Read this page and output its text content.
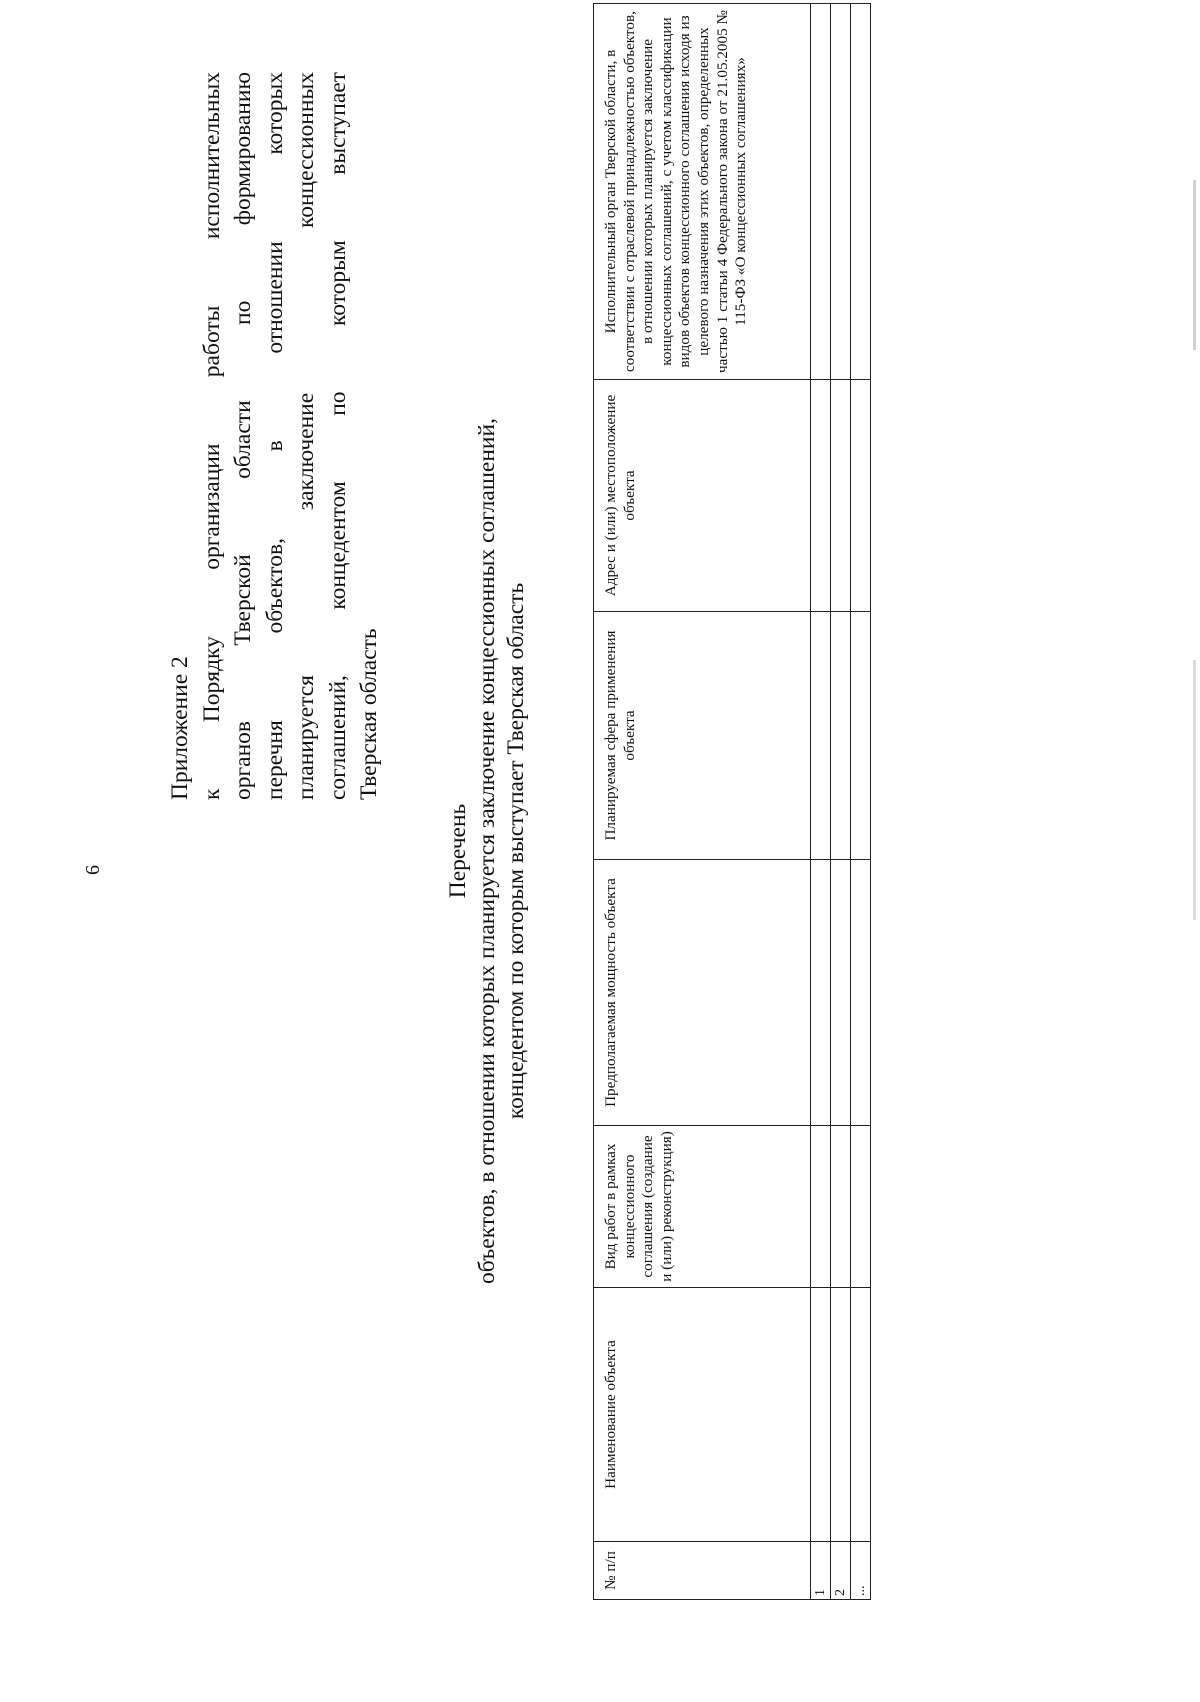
6
Приложение 2 к Порядку организации работы исполнительных органов Тверской области по формированию перечня объектов, в отношении которых планируется заключение концессионных соглашений, концедентом по которым выступает Тверская область
Перечень объектов, в отношении которых планируется заключение концессионных соглашений, концедентом по которым выступает Тверская область
№ п/п	Наименование объекта	Вид работ в рамках концессионного соглашения (создание и (или) реконструкция)	Предполагаемая мощность объекта	Планируемая сфера применения объекта	Адрес и (или) местоположение объекта	Исполнительный орган Тверской области, в соответствии с отраслевой принадлежностью объектов, в отношении которых планируется заключение концессионных соглашений, с учетом классификации видов объектов концессионного соглашения исходя из целевого назначения этих объектов, определенных частью 1 статьи 4 Федерального закона от 21.05.2005 № 115-ФЗ «О концессионных соглашениях»
1						
2						
...						
